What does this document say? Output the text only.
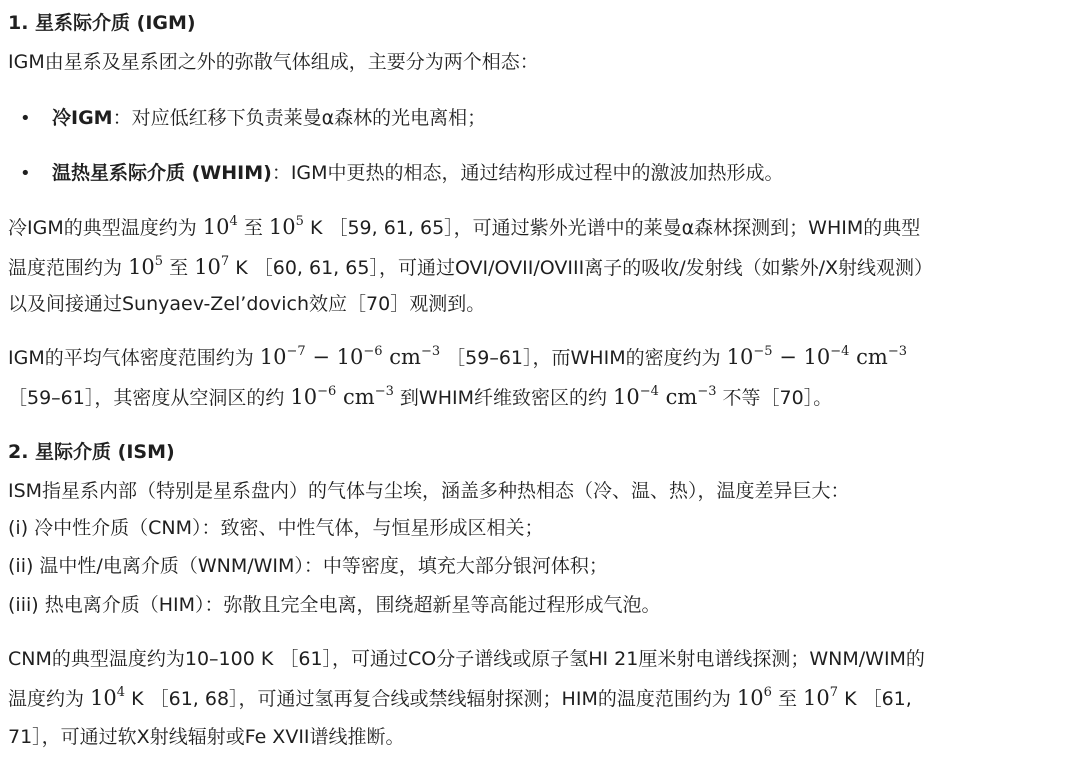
1. 星系际介质 (IGM)
IGM由星系及星系团之外的弥散气体组成，主要分为两个相态：
• 冷IGM：对应低红移下负责莱曼α森林的光电离相；
• 温热星系际介质 (WHIM)：IGM中更热的相态，通过结构形成过程中的激波加热形成。
冷IGM的典型温度约为 $10^4$ 至 $10^5$ K ［59, 61, 65］，可通过紫外光谱中的莱曼α森林探测到；WHIM的典型
温度范围约为 $10^5$ 至 $10^7$ K ［60, 61, 65］，可通过OVI/OVII/OVIII离子的吸收/发射线（如紫外/X射线观测）
以及间接通过Sunyaev-Zel’dovich效应［70］观测到。
IGM的平均气体密度范围约为 $10^{-7} - 10^{-6}$ $cm^{-3}$ ［59–61］，而WHIM的密度约为 $10^{-5} - 10^{-4}$ $cm^{-3}$
［59–61］，其密度从空洞区的约 $10^{-6}$ $cm^{-3}$ 到WHIM纤维致密区的约 $10^{-4}$ $cm^{-3}$ 不等［70］。
2. 星际介质 (ISM)
ISM指星系内部（特别是星系盘内）的气体与尘埃，涵盖多种热相态（冷、温、热），温度差异巨大：
(i) 冷中性介质（CNM）：致密、中性气体，与恒星形成区相关；
(ii) 温中性/电离介质（WNM/WIM）：中等密度，填充大部分银河体积；
(iii) 热电离介质（HIM）：弥散且完全电离，围绕超新星等高能过程形成气泡。
CNM的典型温度约为10–100 K ［61］，可通过CO分子谱线或原子氢HI 21厘米射电谱线探测；WNM/WIM的
温度约为 $10^4$ K ［61, 68］，可通过氢再复合线或禁线辐射探测；HIM的温度范围约为 $10^6$ 至 $10^7$ K ［61,
71］，可通过软X射线辐射或Fe XVII谱线推断。
